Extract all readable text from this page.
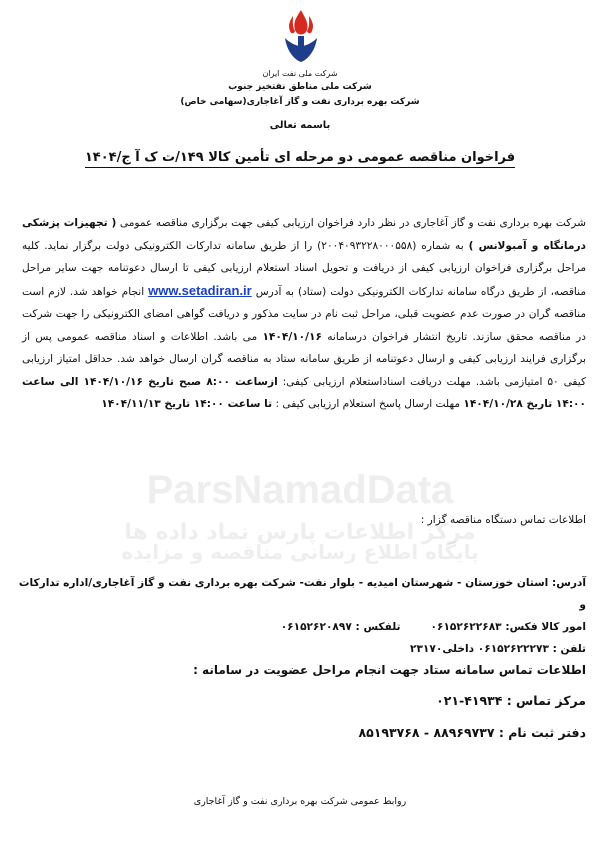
شرکت ملی نفت ایران
شرکت ملی مناطق نفتخیز جنوب
شرکت بهره برداری نفت و گاز آغاجاری(سهامی خاص)
باسمه تعالی
فراخوان مناقصه عمومی دو مرحله ای تأمین کالا ۱۴۹/ت ک آ ج/۱۴۰۴
ParsNamadData
مرکز اطلاعات پارس نماد داده ها
پایگاه اطلاع رسانی مناقصه و مزایده
شرکت بهره برداری نفت و گاز آغاجاری در نظر دارد فراخوان ارزیابی کیفی جهت برگزاری مناقصه عمومی ( تجهیزات پزشکی درمانگاه و آمبولانس ) به شماره (۲۰۰۴۰۹۳۲۲۸۰۰۰۵۵۸) را از طریق سامانه تدارکات الکترونیکی دولت برگزار نماید. کلیه مراحل برگزاری فراخوان ارزیابی کیفی از دریافت و تحویل اسناد استعلام ارزیابی کیفی تا ارسال دعوتنامه جهت سایر مراحل مناقصه، از طریق درگاه سامانه تدارکات الکترونیکی دولت (ستاد) به آدرس www.setadiran.ir انجام خواهد شد. لازم است مناقصه گران در صورت عدم عضویت قبلی، مراحل ثبت نام در سایت مذکور و دریافت گواهی امضای الکترونیکی را جهت شرکت در مناقصه محقق سازند. تاریخ انتشار فراخوان درسامانه ۱۴۰۴/۱۰/۱۶ می باشد. اطلاعات و اسناد مناقصه عمومی پس از برگزاری فرایند ارزیابی کیفی و ارسال دعوتنامه از طریق سامانه ستاد به مناقصه گران ارسال خواهد شد. حداقل امتیاز ارزیابی کیفی ۵۰ امتیازمی باشد. مهلت دریافت اسناداستعلام ارزیابی کیفی: ازساعت ۸:۰۰ صبح تاریخ ۱۴۰۴/۱۰/۱۶ الی ساعت ۱۴:۰۰ تاریخ ۱۴۰۴/۱۰/۲۸ مهلت ارسال پاسخ استعلام ارزیابی کیفی : تا ساعت ۱۴:۰۰ تاریخ ۱۴۰۴/۱۱/۱۳
اطلاعات تماس دستگاه مناقصه گزار :
آدرس: استان خوزستان - شهرستان امیدیه - بلوار نفت- شرکت بهره برداری نفت و گاز آغاجاری/اداره تدارکات و
امور کالا فکس: ۰۶۱۵۲۶۲۲۶۸۳تلفکس : ۰۶۱۵۲۶۲۰۸۹۷
تلفن : ۰۶۱۵۲۶۲۲۲۷۳ داخلی۲۳۱۷۰
اطلاعات تماس سامانه ستاد جهت انجام مراحل عضویت در سامانه :
مرکز تماس : ۴۱۹۳۴-۰۲۱
دفتر ثبت نام : ۸۸۹۶۹۷۳۷ - ۸۵۱۹۳۷۶۸
روابط عمومی شرکت بهره برداری نفت و گاز آغاجاری
